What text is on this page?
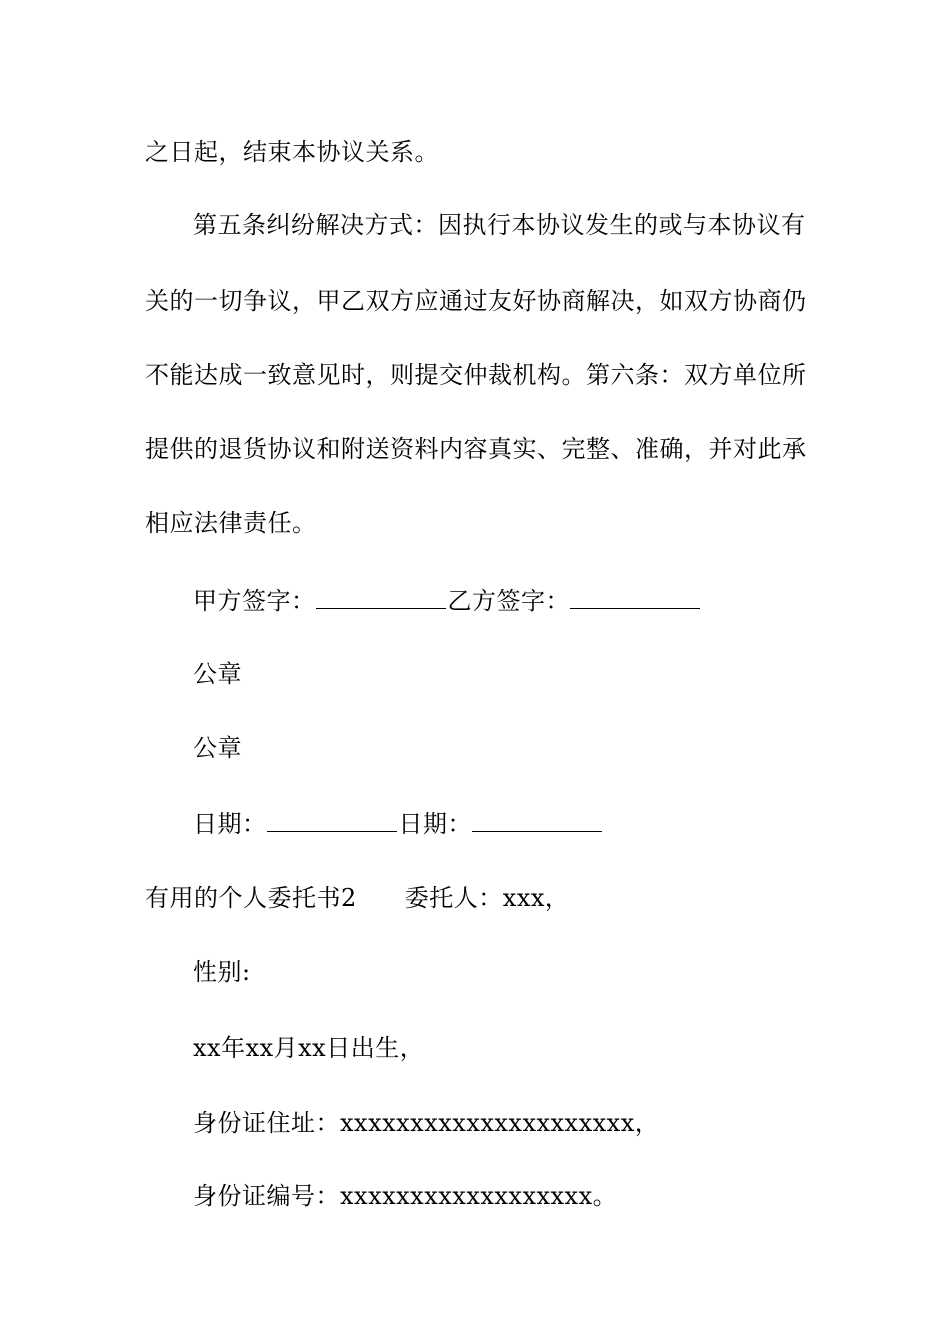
之日起，结束本协议关系。
第五条纠纷解决方式：因执行本协议发生的或与本协议有
关的一切争议，甲乙双方应通过友好协商解决，如双方协商仍
不能达成一致意见时，则提交仲裁机构。第六条：双方单位所
提供的退货协议和附送资料内容真实、完整、准确，并对此承
相应法律责任。
甲方签字：	乙方签字：
公章
公章
日期：	日期：
有用的个人委托书2 委托人：xxx，
性别:
xx年xx月xx日出生，
身份证住址：xxxxxxxxxxxxxxxxxxxxx，
身份证编号：xxxxxxxxxxxxxxxxxx。
